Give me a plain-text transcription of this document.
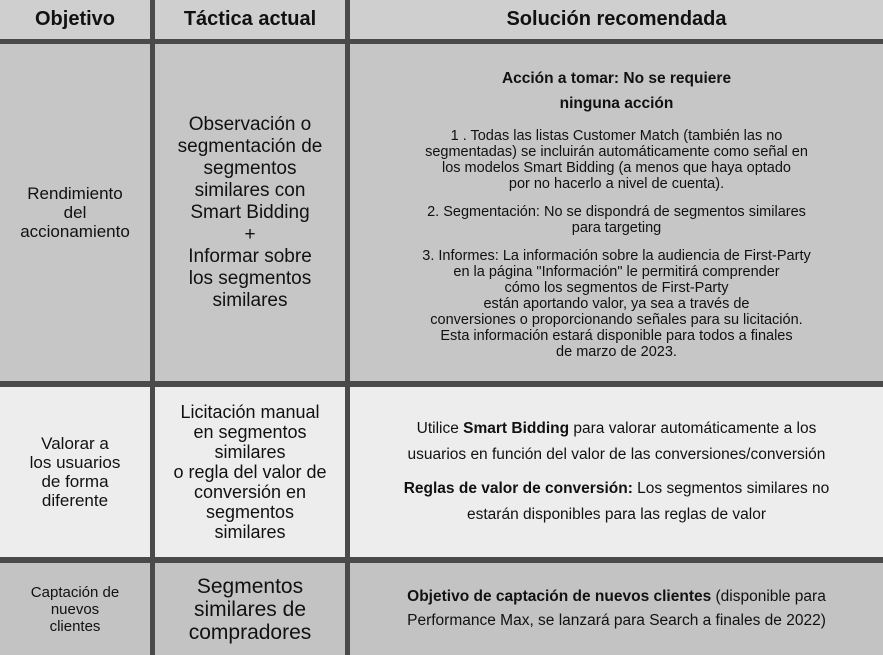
Objetivo	Táctica actual	Solución recomendada
Rendimiento
del
accionamiento
Observación o
segmentación de
segmentos
similares con
Smart Bidding
+
Informar sobre
los segmentos
similares
Acción a tomar: No se requiere
ninguna acción

1 . Todas las listas Customer Match (también las no
segmentadas) se incluirán automáticamente como señal en
los modelos Smart Bidding (a menos que haya optado
por no hacerlo a nivel de cuenta).

2. Segmentación: No se dispondrá de segmentos similares
para targeting

3. Informes: La información sobre la audiencia de First-Party
en la página "Información" le permitirá comprender
cómo los segmentos de First-Party
están aportando valor, ya sea a través de
conversiones o proporcionando señales para su licitación.
Esta información estará disponible para todos a finales
de marzo de 2023.

Valorar a
los usuarios
de forma
diferente
Licitación manual
en segmentos
similares
o regla del valor de
conversión en
segmentos
similares

Utilice Smart Bidding para valorar automáticamente a los
usuarios en función del valor de las conversiones/conversión

Reglas de valor de conversión: Los segmentos similares no
estarán disponibles para las reglas de valor

Captación de
nuevos
clientes
Segmentos
similares de
compradores
Objetivo de captación de nuevos clientes (disponible para
Performance Max, se lanzará para Search a finales de 2022)
